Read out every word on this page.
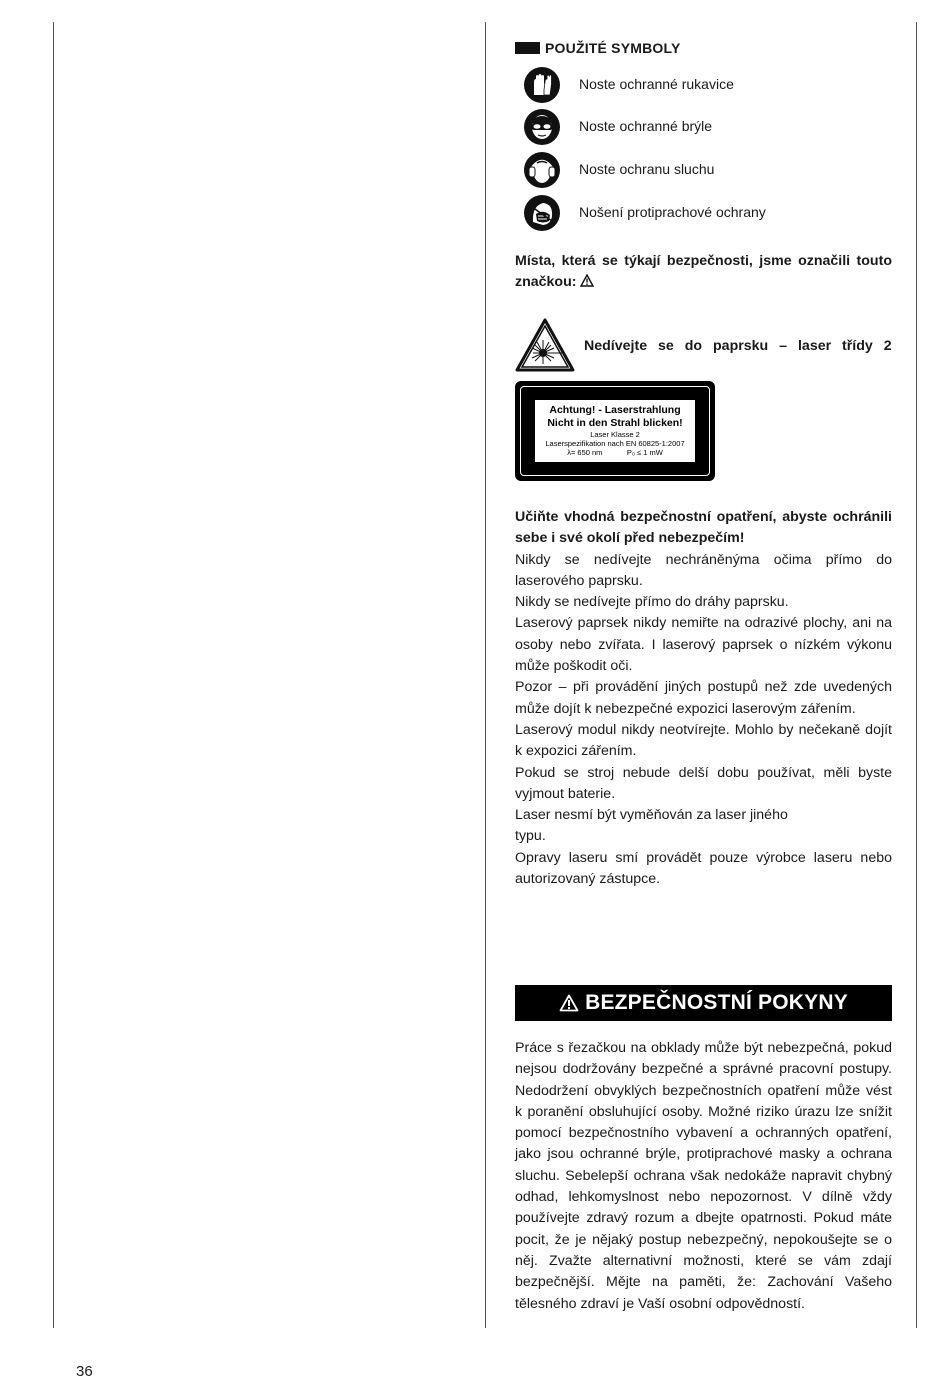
POUŽITÉ SYMBOLY
Noste ochranné rukavice
Noste ochranné brýle
Noste ochranu sluchu
Nošení protiprachové ochrany

Místa, která se týkají bezpečnosti, jsme označili touto značkou:

Nedívejte se do paprsku – laser třídy 2
Achtung! - Laserstrahlung
Nicht in den Strahl blicken!
Laser Klasse 2
Laserspezifikation nach EN 60825-1:2007
λ= 650 nm	P₀ ≤ 1 mW

Učiňte vhodná bezpečnostní opatření, abyste ochránili sebe i své okolí před nebezpečím!

Nikdy se nedívejte nechráněnýma očima přímo do laserového paprsku.

Nikdy se nedívejte přímo do dráhy paprsku.

Laserový paprsek nikdy nemiřte na odrazivé plochy, ani na osoby nebo zvířata. I laserový paprsek o nízkém výkonu může poškodit oči.

Pozor – při provádění jiných postupů než zde uvedených může dojít k nebezpečné expozici laserovým zářením.

Laserový modul nikdy neotvírejte. Mohlo by nečekaně dojít k expozici zářením.

Pokud se stroj nebude delší dobu používat, měli byste vyjmout baterie.

Laser nesmí být vyměňován za laser jiného typu.

Opravy laseru smí provádět pouze výrobce laseru nebo autorizovaný zástupce.

BEZPEČNOSTNÍ POKYNY

Práce s řezačkou na obklady může být nebezpečná, pokud nejsou dodržovány bezpečné a správné pracovní postupy. Nedodržení obvyklých bezpečnostních opatření může vést k poranění obsluhující osoby. Možné riziko úrazu lze snížit pomocí bezpečnostního vybavení a ochranných opatření, jako jsou ochranné brýle, protiprachové masky a ochrana sluchu. Sebelepší ochrana však nedokáže napravit chybný odhad, lehkomyslnost nebo nepozornost. V dílně vždy používejte zdravý rozum a dbejte opatrnosti. Pokud máte pocit, že je nějaký postup nebezpečný, nepokoušejte se o něj. Zvažte alternativní možnosti, které se vám zdají bezpečnější. Mějte na paměti, že: Zachování Vašeho tělesného zdraví je Vaší osobní odpovědností.

36
